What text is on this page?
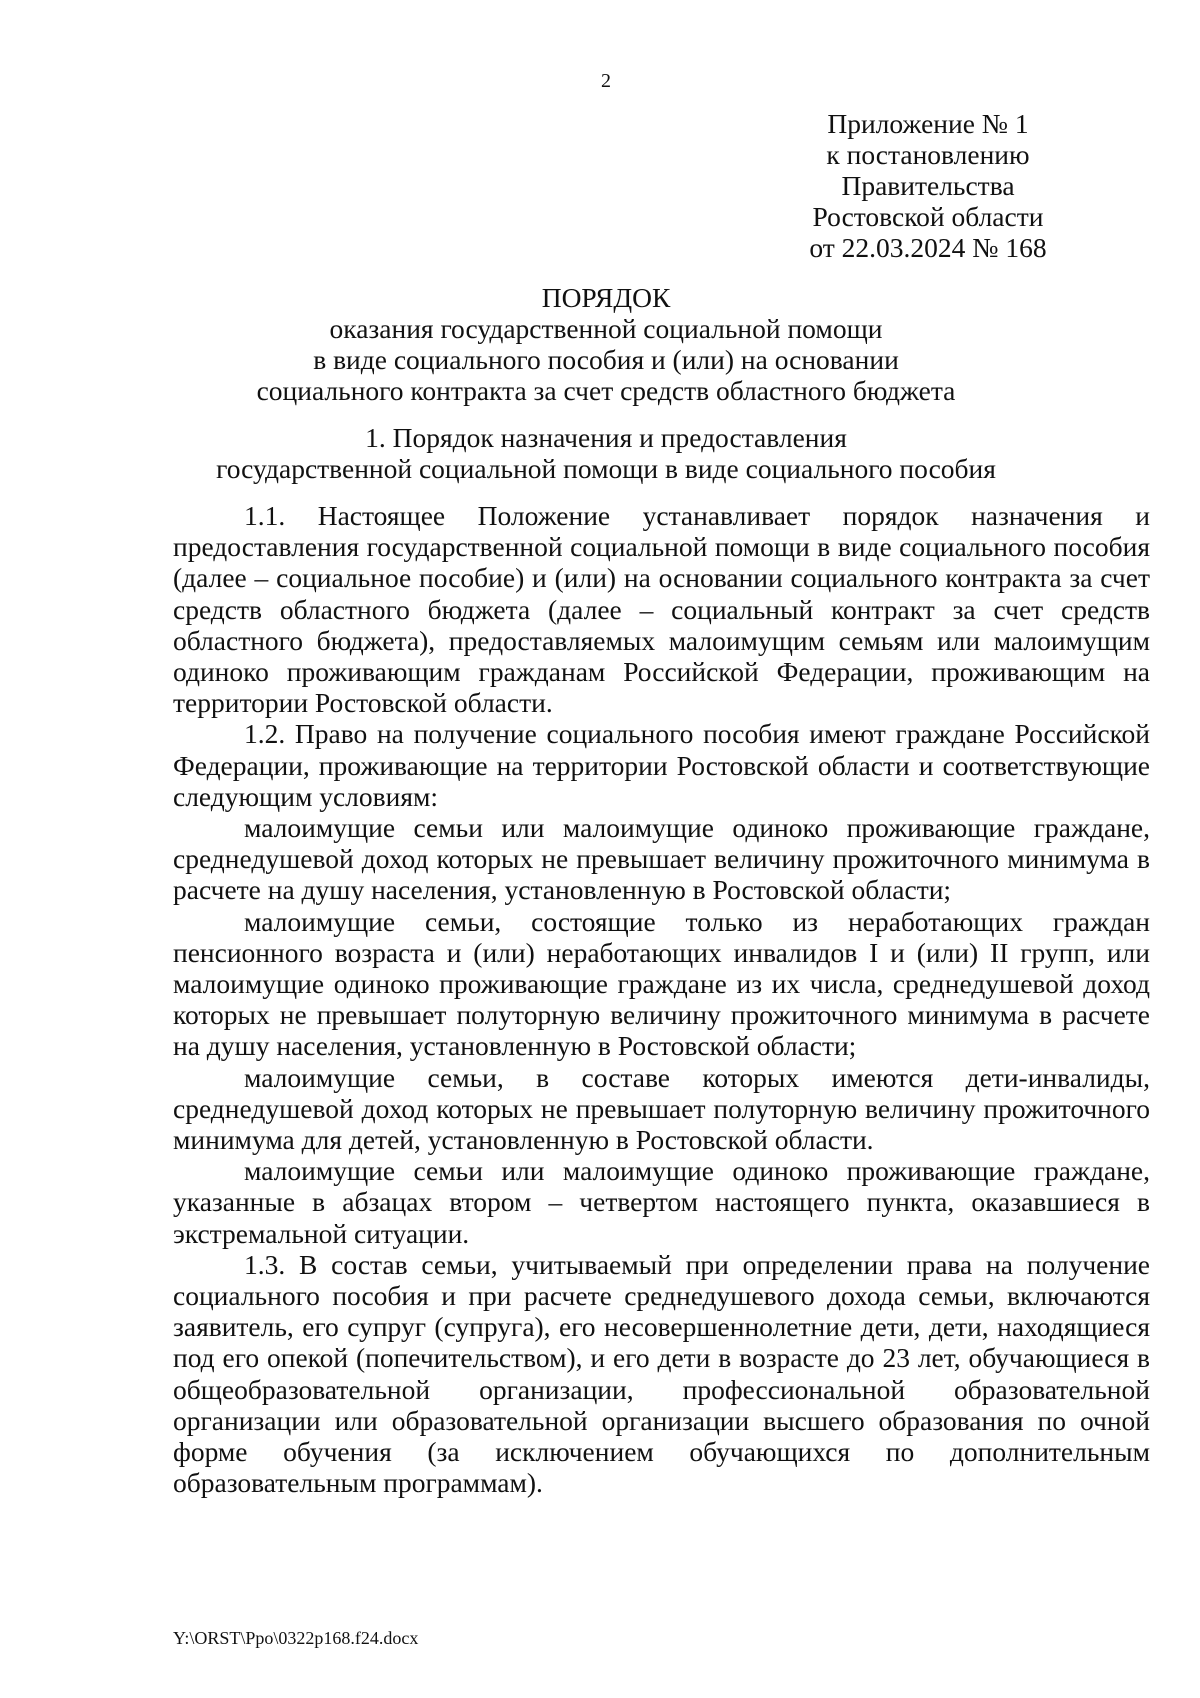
2
Приложение № 1
к постановлению
Правительства
Ростовской области
от 22.03.2024 № 168
ПОРЯДОК
оказания государственной социальной помощи
в виде социального пособия и (или) на основании
социального контракта за счет средств областного бюджета
1. Порядок назначения и предоставления
государственной социальной помощи в виде социального пособия

1.1. Настоящее Положение устанавливает порядок назначения и предоставления государственной социальной помощи в виде социального пособия (далее – социальное пособие) и (или) на основании социального контракта за счет средств областного бюджета (далее – социальный контракт за счет средств областного бюджета), предоставляемых малоимущим семьям или малоимущим одиноко проживающим гражданам Российской Федерации, проживающим на территории Ростовской области.

1.2. Право на получение социального пособия имеют граждане Российской Федерации, проживающие на территории Ростовской области и соответствующие следующим условиям:

малоимущие семьи или малоимущие одиноко проживающие граждане, среднедушевой доход которых не превышает величину прожиточного минимума в расчете на душу населения, установленную в Ростовской области;

малоимущие семьи, состоящие только из неработающих граждан пенсионного возраста и (или) неработающих инвалидов I и (или) II групп, или малоимущие одиноко проживающие граждане из их числа, среднедушевой доход которых не превышает полуторную величину прожиточного минимума в расчете на душу населения, установленную в Ростовской области;

малоимущие семьи, в составе которых имеются дети-инвалиды, среднедушевой доход которых не превышает полуторную величину прожиточного минимума для детей, установленную в Ростовской области.

малоимущие семьи или малоимущие одиноко проживающие граждане, указанные в абзацах втором – четвертом настоящего пункта, оказавшиеся в экстремальной ситуации.

1.3. В состав семьи, учитываемый при определении права на получение социального пособия и при расчете среднедушевого дохода семьи, включаются заявитель, его супруг (супруга), его несовершеннолетние дети, дети, находящиеся под его опекой (попечительством), и его дети в возрасте до 23 лет, обучающиеся в общеобразовательной организации, профессиональной образовательной организации или образовательной организации высшего образования по очной форме обучения (за исключением обучающихся по дополнительным образовательным программам).

Y:\ORST\Ppo\0322p168.f24.docx
